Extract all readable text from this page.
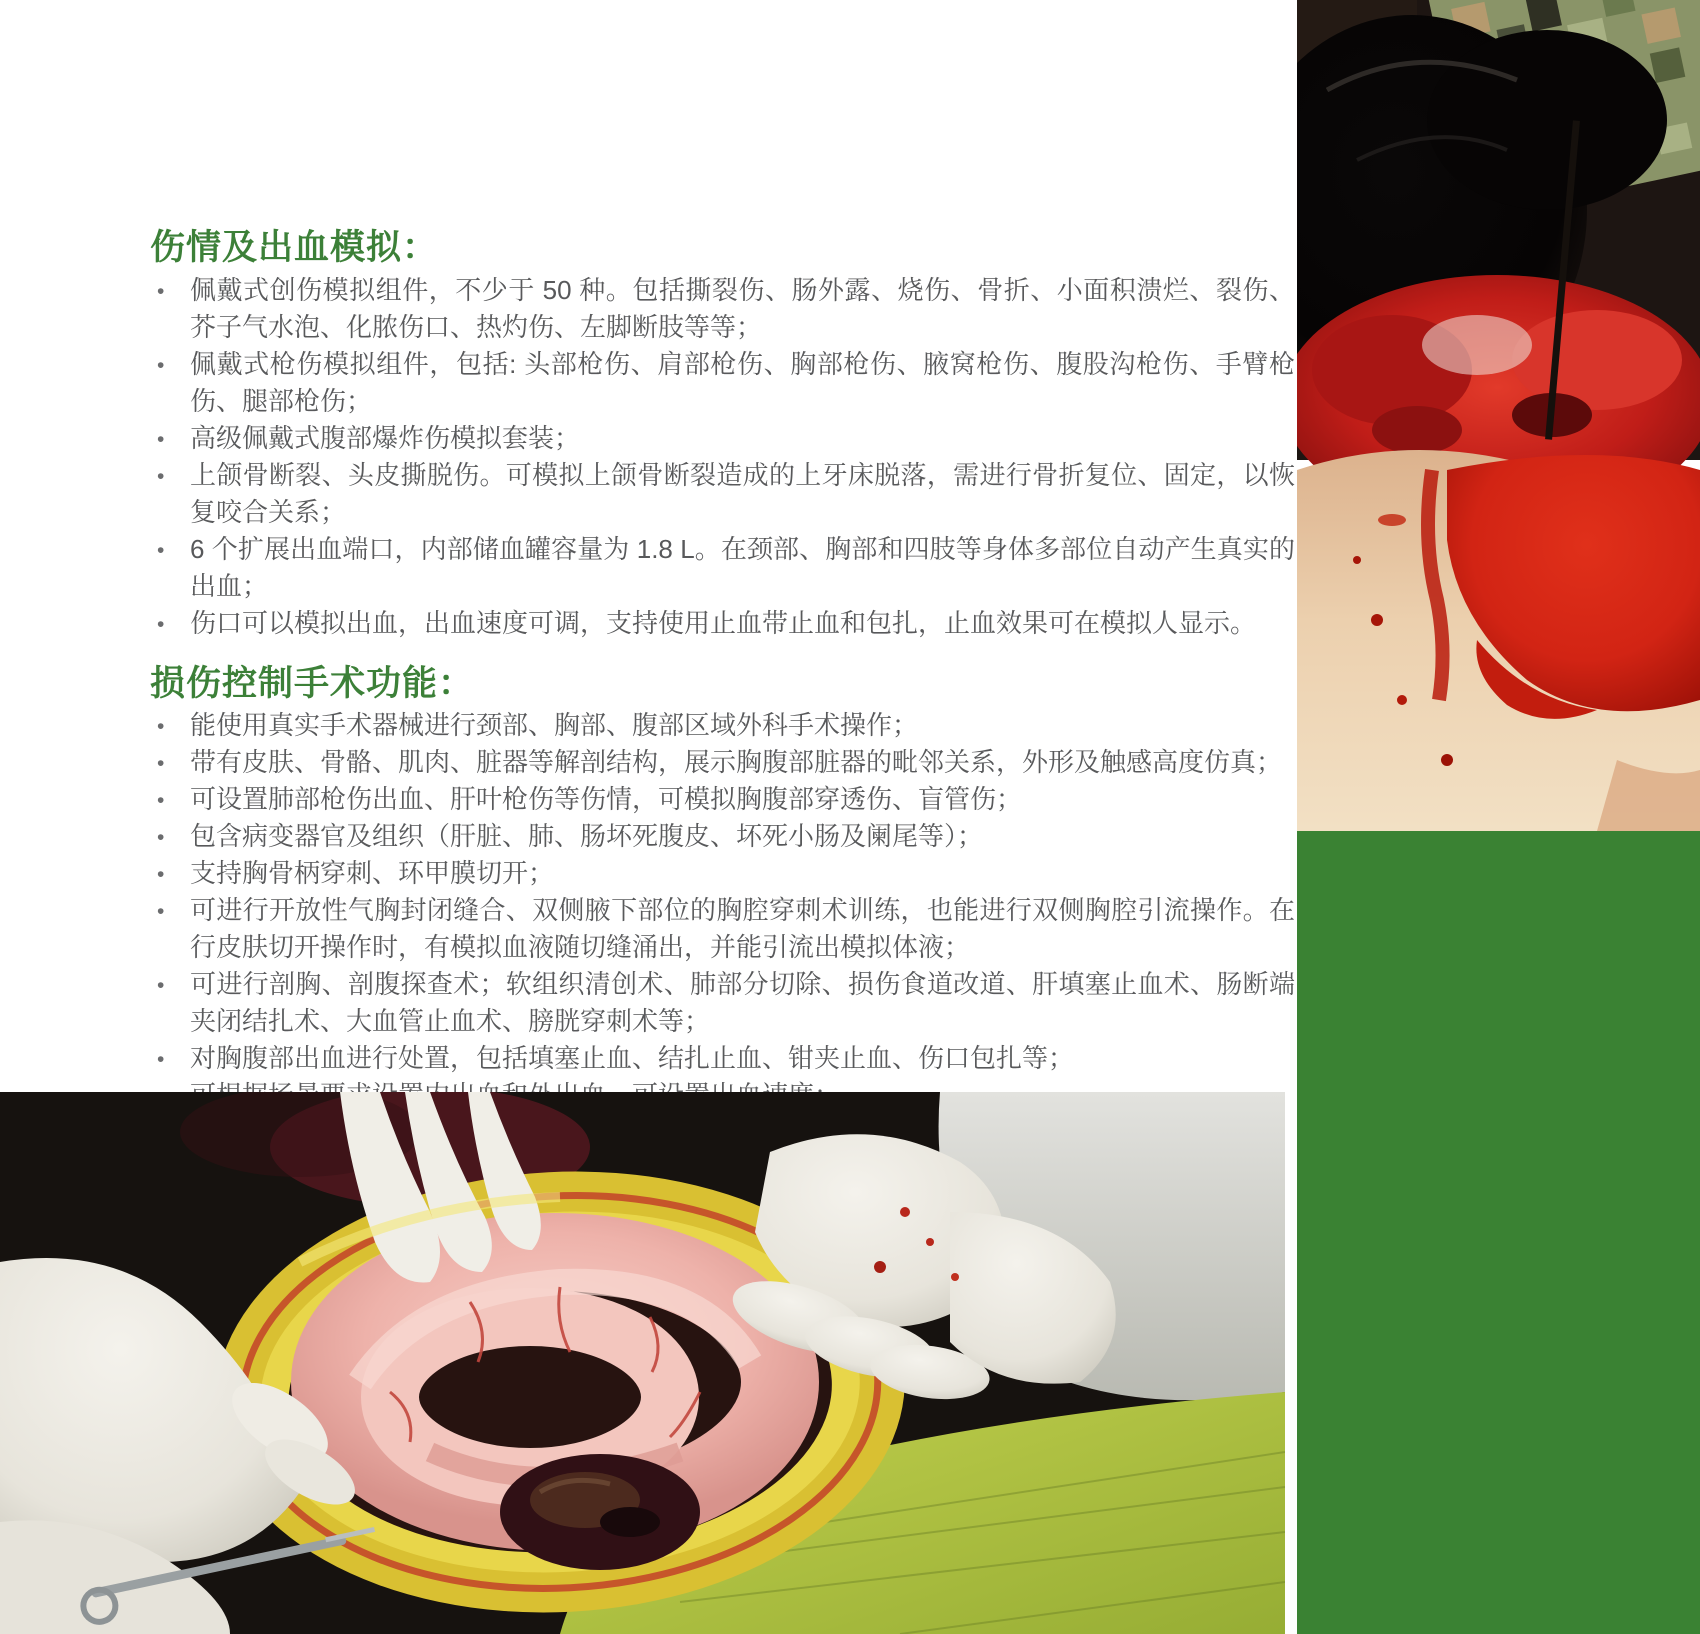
伤情及出血模拟：
• 佩戴式创伤模拟组件，不少于 50 种。包括撕裂伤、肠外露、烧伤、骨折、小面积溃烂、裂伤、芥子气水泡、化脓伤口、热灼伤、左脚断肢等等；
• 佩戴式枪伤模拟组件，包括: 头部枪伤、肩部枪伤、胸部枪伤、腋窝枪伤、腹股沟枪伤、手臂枪伤、腿部枪伤；
• 高级佩戴式腹部爆炸伤模拟套装；
• 上颌骨断裂、头皮撕脱伤。可模拟上颌骨断裂造成的上牙床脱落，需进行骨折复位、固定，以恢复咬合关系；
• 6 个扩展出血端口，内部储血罐容量为 1.8 L。在颈部、胸部和四肢等身体多部位自动产生真实的出血；
• 伤口可以模拟出血，出血速度可调，支持使用止血带止血和包扎，止血效果可在模拟人显示。
损伤控制手术功能：
• 能使用真实手术器械进行颈部、胸部、腹部区域外科手术操作；
• 带有皮肤、骨骼、肌肉、脏器等解剖结构，展示胸腹部脏器的毗邻关系，外形及触感高度仿真；
• 可设置肺部枪伤出血、肝叶枪伤等伤情，可模拟胸腹部穿透伤、盲管伤；
• 包含病变器官及组织（肝脏、肺、肠坏死腹皮、坏死小肠及阑尾等）；
• 支持胸骨柄穿刺、环甲膜切开；
• 可进行开放性气胸封闭缝合、双侧腋下部位的胸腔穿刺术训练，也能进行双侧胸腔引流操作。在行皮肤切开操作时，有模拟血液随切缝涌出，并能引流出模拟体液；
• 可进行剖胸、剖腹探查术；软组织清创术、肺部分切除、损伤食道改道、肝填塞止血术、肠断端夹闭结扎术、大血管止血术、膀胱穿刺术等；
• 对胸腹部出血进行处置，包括填塞止血、结扎止血、钳夹止血、伤口包扎等；
•
•
